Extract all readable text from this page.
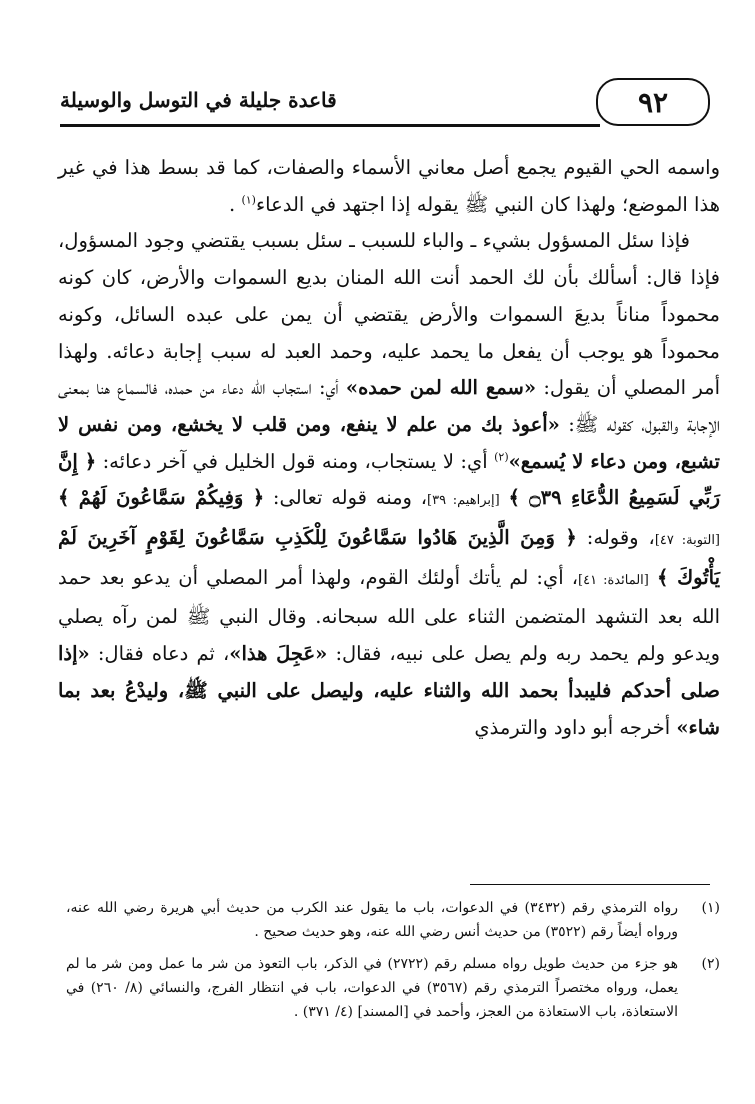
٩٢
قاعدة جليلة في التوسل والوسيلة

واسمه الحي القيوم يجمع أصل معاني الأسماء والصفات، كما قد بسط هذا في غير هذا الموضع؛ ولهذا كان النبي ﷺ يقوله إذا اجتهد في الدعاء$^{(١)}$ .

فإذا سئل المسؤول بشيء ـ والباء للسبب ـ سئل بسبب يقتضي وجود المسؤول، فإذا قال: أسألك بأن لك الحمد أنت الله المنان بديع السموات والأرض، كان كونه محموداً مناناً بديعَ السموات والأرض يقتضي أن يمن على عبده السائل، وكونه محموداً هو يوجب أن يفعل ما يحمد عليه، وحمد العبد له سبب إجابة دعائه. ولهذا أمر المصلي أن يقول: «سمع الله لمن حمده» أي: استجاب الله دعاء من حمده، فالسماع هنا بمعنى الإجابة والقبول، كقوله ﷺ: «أعوذ بك من علم لا ينفع، ومن قلب لا يخشع، ومن نفس لا تشبع، ومن دعاء لا يُسمع»$^{(٢)}$ أي: لا يستجاب، ومنه قول الخليل في آخر دعائه: ﴿ إِنَّ رَبِّي لَسَمِيعُ الدُّعَاءِ ۝٣٩ ﴾ [إبراهيم: ٣٩]، ومنه قوله تعالى: ﴿ وَفِيكُمْ سَمَّاعُونَ لَهُمْ ﴾[التوبة: ٤٧]، وقوله: ﴿ وَمِنَ الَّذِينَ هَادُوا سَمَّاعُونَ لِلْكَذِبِ سَمَّاعُونَ لِقَوْمٍ آخَرِينَ لَمْ يَأْتُوكَ ﴾ [المائدة: ٤١]، أي: لم يأتك أولئك القوم، ولهذا أمر المصلي أن يدعو بعد حمد الله بعد التشهد المتضمن الثناء على الله سبحانه. وقال النبي ﷺ لمن رآه يصلي ويدعو ولم يحمد ربه ولم يصل على نبيه، فقال: «عَجِلَ هذا»، ثم دعاه فقال: «إذا صلى أحدكم فليبدأ بحمد الله والثناء عليه، وليصل على النبي ﷺ، وليدْعُ بعد بما شاء» أخرجه أبو داود والترمذي

(١)
رواه الترمذي رقم (٣٤٣٢) في الدعوات، باب ما يقول عند الكرب من حديث أبي هريرة رضي الله عنه، ورواه أيضاً رقم (٣٥٢٢) من حديث أنس رضي الله عنه، وهو حديث صحيح .
(٢)
هو جزء من حديث طويل رواه مسلم رقم (٢٧٢٢) في الذكر، باب التعوذ من شر ما عمل ومن شر ما لم يعمل، ورواه مختصراً الترمذي رقم (٣٥٦٧) في الدعوات، باب في انتظار الفرج، والنسائي (٨/ ٢٦٠) في الاستعاذة، باب الاستعاذة من العجز، وأحمد في [المسند] (٤/ ٣٧١) .
